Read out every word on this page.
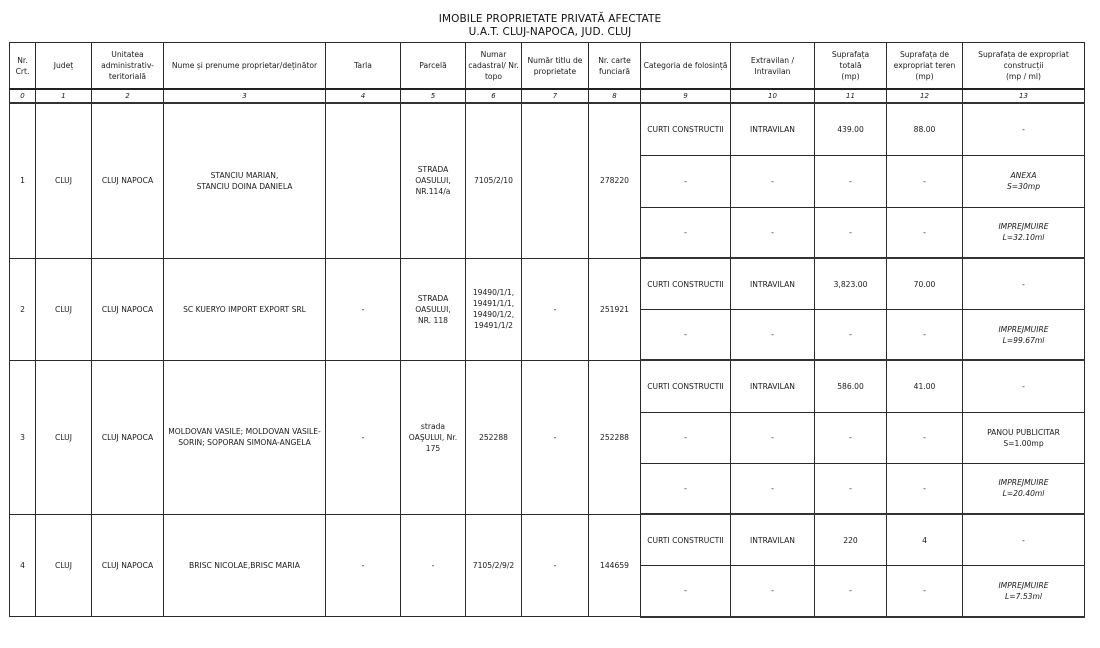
IMOBILE PROPRIETATE PRIVATĂ AFECTATE
U.A.T. CLUJ-NAPOCA, JUD. CLUJ
Nr.
Crt.	Județ	Unitatea
administrativ-
teritorială	Nume și prenume proprietar/deținător	Tarla	Parcelă	Numar
cadastral/ Nr.
topo	Număr titlu de
proprietate	Nr. carte
funciară	Categoria de folosință	Extravilan / Intravilan	Suprafața
totală
(mp)	Suprafața de
expropriat teren
(mp)	Suprafața de expropriat
construcții
(mp / ml)

0	1	2	3	4	5	6	7	8	9	10	11	12	13
1	CLUJ	CLUJ NAPOCA	STANCIU MARIAN,
STANCIU DOINA DANIELA		STRADA
OASULUI,
NR.114/a	7105/2/10		278220	CURTI CONSTRUCTII	INTRAVILAN	439.00	88.00	-

									-	-	-	-	ANEXA
S=30mp

									-	-	-	-	IMPREJMUIRE
L=32.10ml

2	CLUJ	CLUJ NAPOCA	SC KUERYO IMPORT EXPORT SRL	-	STRADA
OASULUI,
NR. 118	19490/1/1,
19491/1/1,
19490/1/2,
19491/1/2	-	251921	CURTI CONSTRUCTII	INTRAVILAN	3,823.00	70.00	-

									-	-	-	-	IMPREJMUIRE
L=99.67ml

3	CLUJ	CLUJ NAPOCA	MOLDOVAN VASILE; MOLDOVAN VASILE-
SORIN; SOPORAN SIMONA-ANGELA	-	strada
OAŞULUI, Nr.
175	252288	-	252288	CURTI CONSTRUCTII	INTRAVILAN	586.00	41.00	-

									-	-	-	-	PANOU PUBLICITAR
S=1.00mp

									-	-	-	-	IMPREJMUIRE
L=20.40ml

4	CLUJ	CLUJ NAPOCA	BRISC NICOLAE,BRISC MARIA	-	-	7105/2/9/2	-	144659	CURTI CONSTRUCTII	INTRAVILAN	220	4	-

									-	-	-	-	IMPREJMUIRE
L=7.53ml
